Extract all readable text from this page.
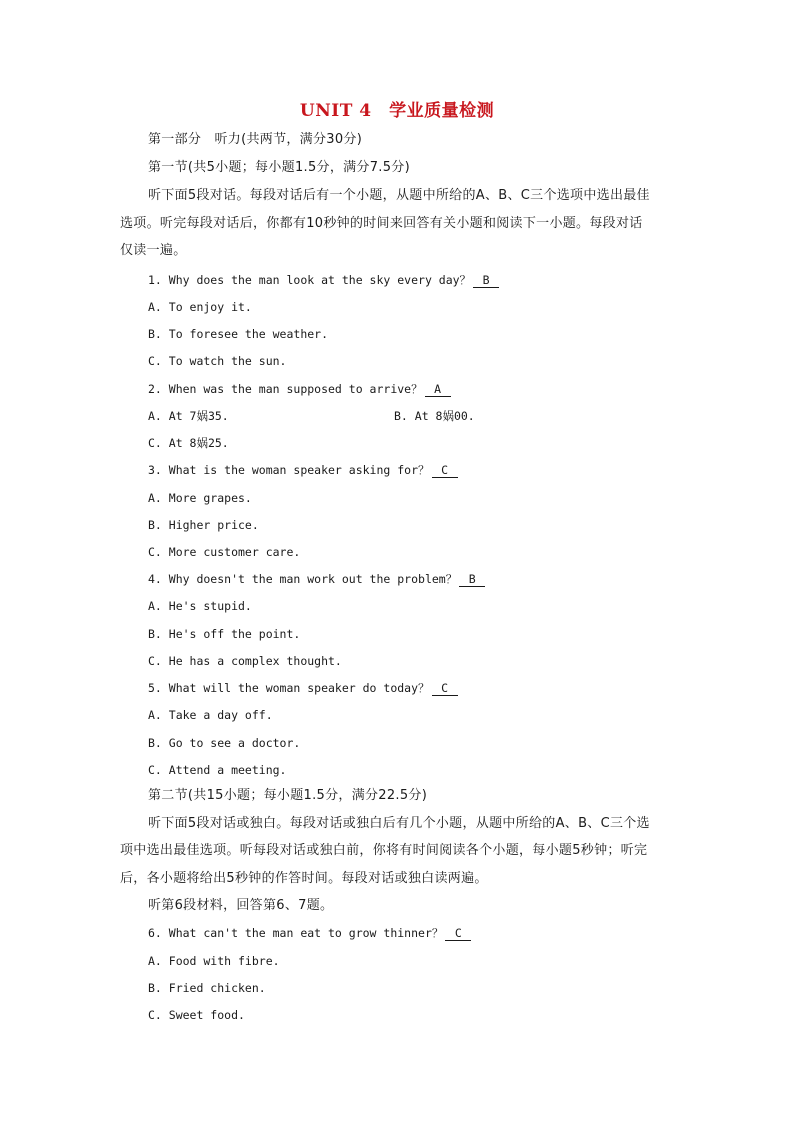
UNIT 4　学业质量检测
第一部分　听力(共两节，满分30分)
第一节(共5小题；每小题1.5分，满分7.5分)
听下面5段对话。每段对话后有一个小题，从题中所给的A、B、C三个选项中选出最佳
选项。听完每段对话后，你都有10秒钟的时间来回答有关小题和阅读下一小题。每段对话
仅读一遍。
1. Why does the man look at the sky every day？ B
A. To enjoy it.
B. To foresee the weather.
C. To watch the sun.
2. When was the man supposed to arrive？ A
A. At 7娲35.	B. At 8娲00.
C. At 8娲25.
3. What is the woman speaker asking for？ C
A. More grapes.
B. Higher price.
C. More customer care.
4. Why doesn't the man work out the problem？ B
A. He's stupid.
B. He's off the point.
C. He has a complex thought.
5. What will the woman speaker do today？ C
A. Take a day off.
B. Go to see a doctor.
C. Attend a meeting.
第二节(共15小题；每小题1.5分，满分22.5分)
听下面5段对话或独白。每段对话或独白后有几个小题，从题中所给的A、B、C三个选
项中选出最佳选项。听每段对话或独白前，你将有时间阅读各个小题，每小题5秒钟；听完
后，各小题将给出5秒钟的作答时间。每段对话或独白读两遍。
听第6段材料，回答第6、7题。
6. What can't the man eat to grow thinner？ C
A. Food with fibre.
B. Fried chicken.
C. Sweet food.
